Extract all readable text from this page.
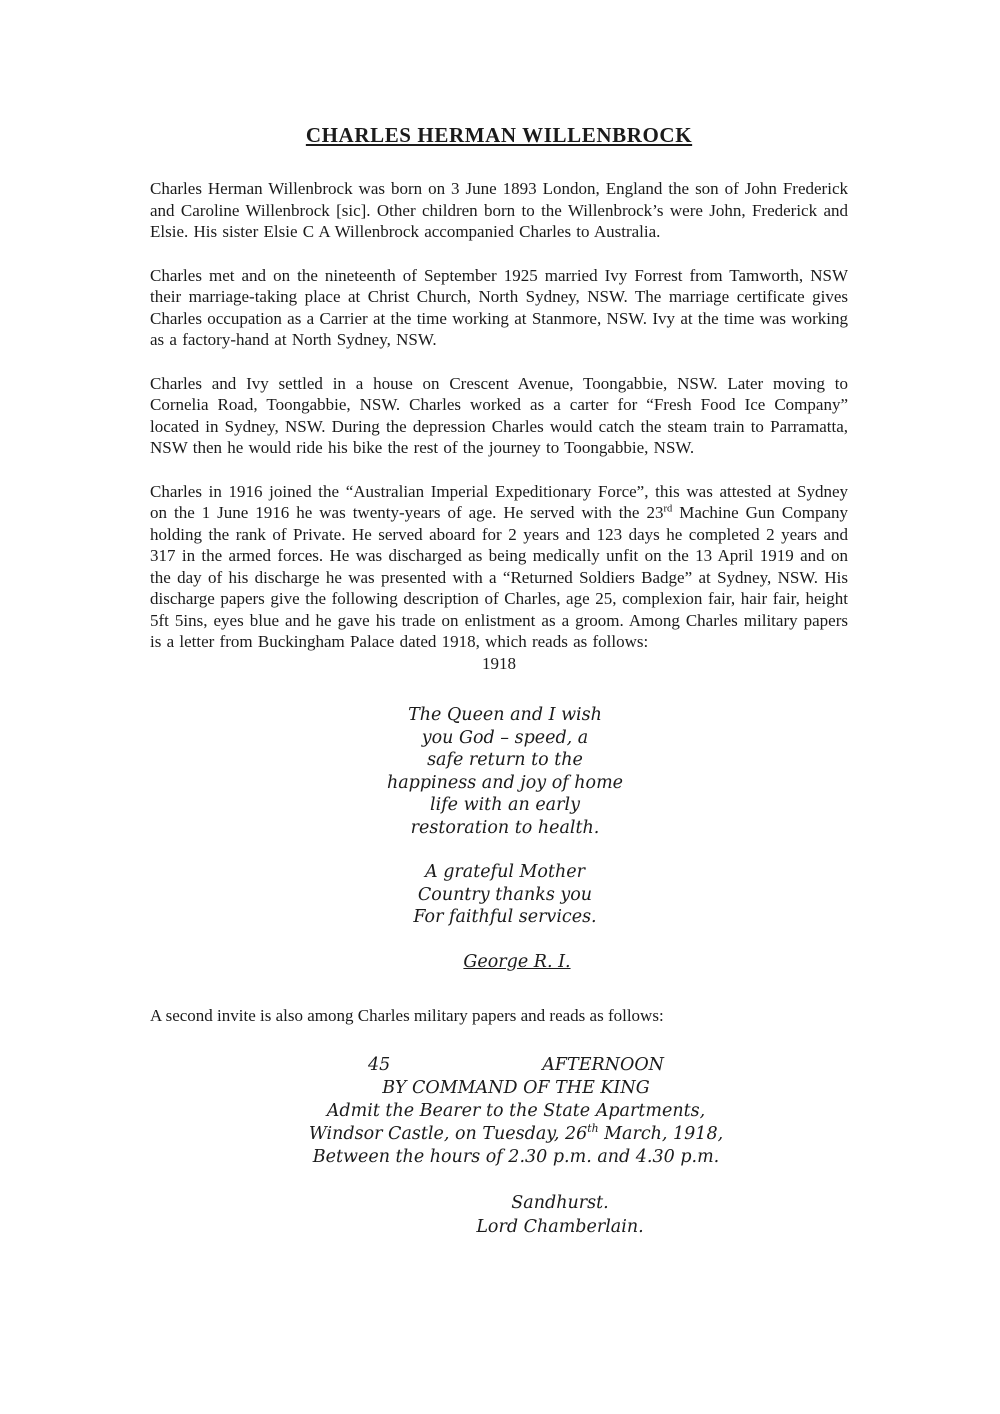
CHARLES HERMAN WILLENBROCK

Charles Herman Willenbrock was born on 3 June 1893 London, England the son of John Frederick and Caroline Willenbrock [sic]. Other children born to the Willenbrock’s were John, Frederick and Elsie. His sister Elsie C A Willenbrock accompanied Charles to Australia.

Charles met and on the nineteenth of September 1925 married Ivy Forrest from Tamworth, NSW their marriage-taking place at Christ Church, North Sydney, NSW. The marriage certificate gives Charles occupation as a Carrier at the time working at Stanmore, NSW. Ivy at the time was working as a factory-hand at North Sydney, NSW.

Charles and Ivy settled in a house on Crescent Avenue, Toongabbie, NSW. Later moving to Cornelia Road, Toongabbie, NSW. Charles worked as a carter for “Fresh Food Ice Company” located in Sydney, NSW. During the depression Charles would catch the steam train to Parramatta, NSW then he would ride his bike the rest of the journey to Toongabbie, NSW.

Charles in 1916 joined the “Australian Imperial Expeditionary Force”, this was attested at Sydney on the 1 June 1916 he was twenty-years of age. He served with the 23rd Machine Gun Company holding the rank of Private. He served aboard for 2 years and 123 days he completed 2 years and 317 in the armed forces. He was discharged as being medically unfit on the 13 April 1919 and on the day of his discharge he was presented with a “Returned Soldiers Badge” at Sydney, NSW. His discharge papers give the following description of Charles, age 25, complexion fair, hair fair, height 5ft 5ins, eyes blue and he gave his trade on enlistment as a groom. Among Charles military papers is a letter from Buckingham Palace dated 1918, which reads as follows:

1918
The Queen and I wish
you God – speed, a
safe return to the
happiness and joy of home
life with an early
restoration to health.
A grateful Mother
Country thanks you
For faithful services.
George R. I.

A second invite is also among Charles military papers and reads as follows:

45	AFTERNOON
BY COMMAND OF THE KING
Admit the Bearer to the State Apartments,
Windsor Castle, on Tuesday, 26th March, 1918,
Between the hours of 2.30 p.m. and 4.30 p.m.
Sandhurst.
Lord Chamberlain.
